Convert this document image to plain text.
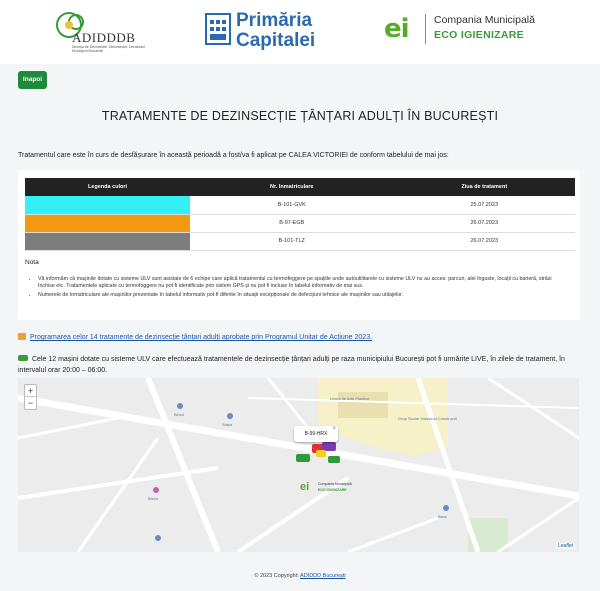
ADIDDDB
Direcția de Dezinfecție, Dezinsecție, Deratizare Municipiul București
Primăria
Capitalei	ei Compania Municipală
ECO IGIENIZARE
Inapoi
TRATAMENTE DE DEZINSECȚIE ȚÂNȚARI ADULȚI ÎN BUCUREȘTI
Tratamentul care este în curs de desfășurare în această perioadă a fost/va fi aplicat pe CALEA VICTORIEI de conform tabelului de mai jos:
Legenda culori	Nr. Inmatriculare	Ziua de tratament
	B-101-GVK	25.07.2023
	B-97-EGB	26.07.2023
	B-101-TLZ	26.07.2023
Nota
• Vă informăm că mașinile dotate cu sisteme ULV sunt asistate de 6 echipe care aplică tratamentul cu termofeggere pe spațiile unde autoutilitarele cu sisteme ULV nu au acces: parcuri, alei înguste, locații cu barieră, străzi închise etc. Tratamentele aplicate cu termofoggere nu pot fi identificate prin sistem GPS și nu pot fi incluse în tabelul informativ de mai sus.
• Numerele de înmatriculare ale mașinilor prezentate în tabelul informativ pot fi diferite în situații excepționale de defecțiuni tehnice ale mașinilor sau utilajelor.
Programarea celor 14 tratamente de dezinsecție țânțari adulți aprobate prin Programul Unitar de Acțiune 2023.
Cele 12 mașini dotate cu sisteme ULV care efectuează tratamentele de dezinsecție țânțari adulți pe raza municipiului București pot fi urmărite LIVE, în zilele de tratament, în intervalul orar 20:00 – 06:00.
Liceul de Arte Plastice
Grup Școlar Industrial Construcții
Biroul
Stația
Bistro
Banc
+
−
B-99-HRX
×
ei	Compania Municipală
ECO IGIENIZARE
Leaflet
© 2023 Copyright: ADIDDD București
